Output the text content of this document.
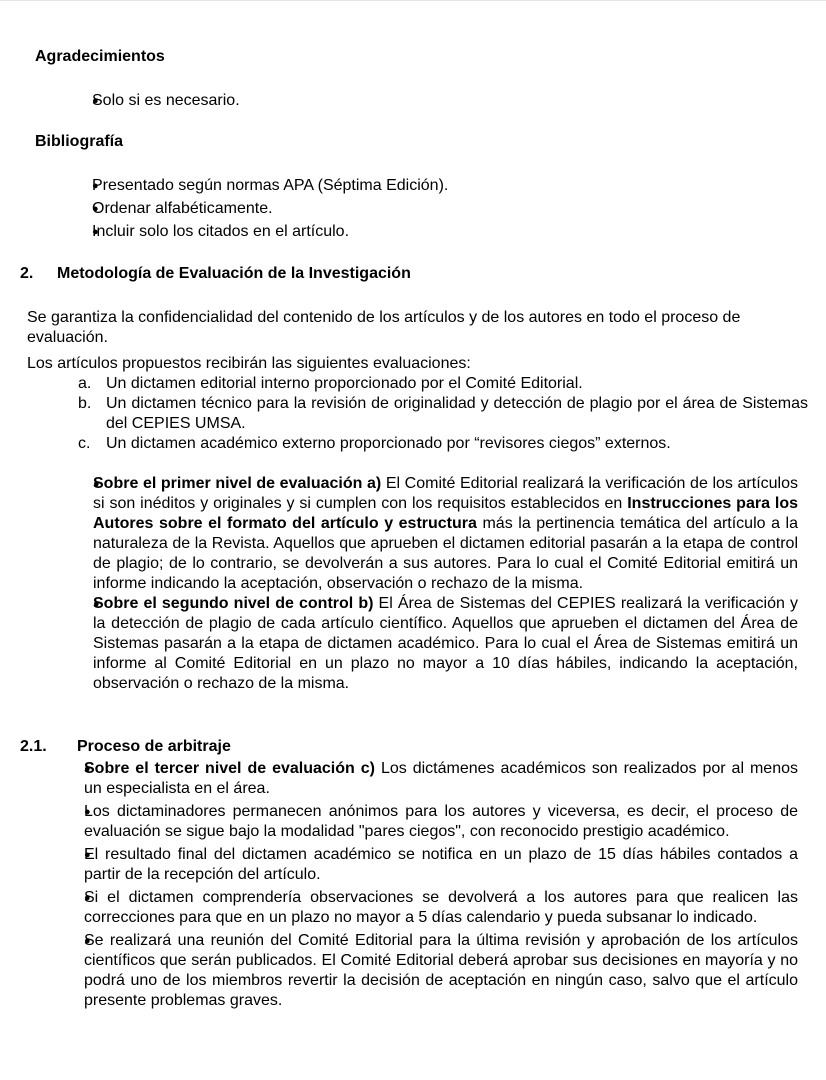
Agradecimientos
● Solo si es necesario.
Bibliografía
● Presentado según normas APA (Séptima Edición).
● Ordenar alfabéticamente.
● Incluir solo los citados en el artículo.
2. Metodología de Evaluación de la Investigación
Se garantiza la confidencialidad del contenido de los artículos y de los autores en todo el proceso de evaluación.
Los artículos propuestos recibirán las siguientes evaluaciones:
a. Un dictamen editorial interno proporcionado por el Comité Editorial.
b. Un dictamen técnico para la revisión de originalidad y detección de plagio por el área de Sistemas del CEPIES UMSA.
c. Un dictamen académico externo proporcionado por “revisores ciegos” externos.
● Sobre el primer nivel de evaluación a) El Comité Editorial realizará la verificación de los artículos si son inéditos y originales y si cumplen con los requisitos establecidos en Instrucciones para los Autores sobre el formato del artículo y estructura más la pertinencia temática del artículo a la naturaleza de la Revista. Aquellos que aprueben el dictamen editorial pasarán a la etapa de control de plagio; de lo contrario, se devolverán a sus autores. Para lo cual el Comité Editorial emitirá un informe indicando la aceptación, observación o rechazo de la misma.
● Sobre el segundo nivel de control b) El Área de Sistemas del CEPIES realizará la verificación y la detección de plagio de cada artículo científico. Aquellos que aprueben el dictamen del Área de Sistemas pasarán a la etapa de dictamen académico. Para lo cual el Área de Sistemas emitirá un informe al Comité Editorial en un plazo no mayor a 10 días hábiles, indicando la aceptación, observación o rechazo de la misma.
2.1. Proceso de arbitraje
● Sobre el tercer nivel de evaluación c) Los dictámenes académicos son realizados por al menos un especialista en el área.
● Los dictaminadores permanecen anónimos para los autores y viceversa, es decir, el proceso de evaluación se sigue bajo la modalidad "pares ciegos", con reconocido prestigio académico.
● El resultado final del dictamen académico se notifica en un plazo de 15 días hábiles contados a partir de la recepción del artículo.
● Si el dictamen comprendería observaciones se devolverá a los autores para que realicen las correcciones para que en un plazo no mayor a 5 días calendario y pueda subsanar lo indicado.
● Se realizará una reunión del Comité Editorial para la última revisión y aprobación de los artículos científicos que serán publicados. El Comité Editorial deberá aprobar sus decisiones en mayoría y no podrá uno de los miembros revertir la decisión de aceptación en ningún caso, salvo que el artículo presente problemas graves.
